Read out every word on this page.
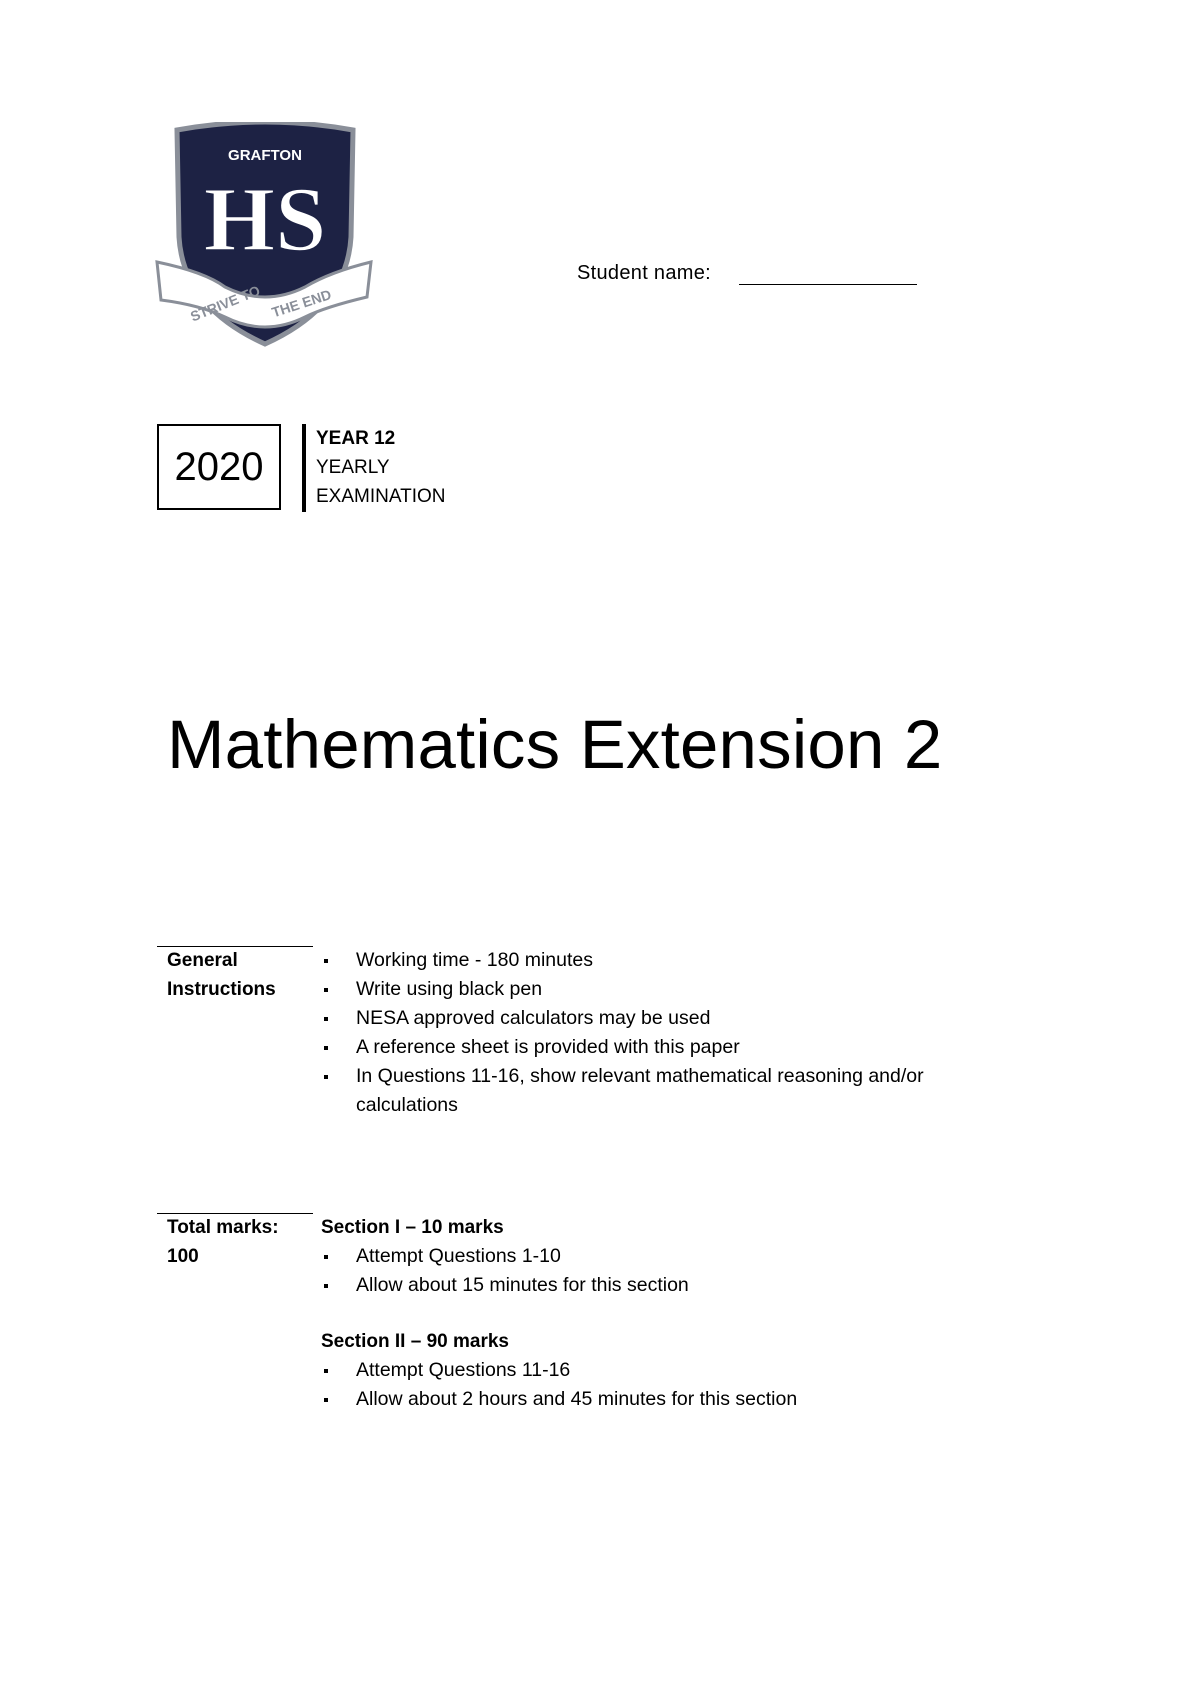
GRAFTON
HS
STRIVE TO THE END
Student name:
2020
YEAR 12
YEARLY
EXAMINATION
Mathematics Extension 2
General
Instructions
Working time - 180 minutes
Write using black pen
NESA approved calculators may be used
A reference sheet is provided with this paper
In Questions 11-16, show relevant mathematical reasoning and/or calculations
Total marks:
100
Section I – 10 marks
Attempt Questions 1-10
Allow about 15 minutes for this section
Section II – 90 marks
Attempt Questions 11-16
Allow about 2 hours and 45 minutes for this section
